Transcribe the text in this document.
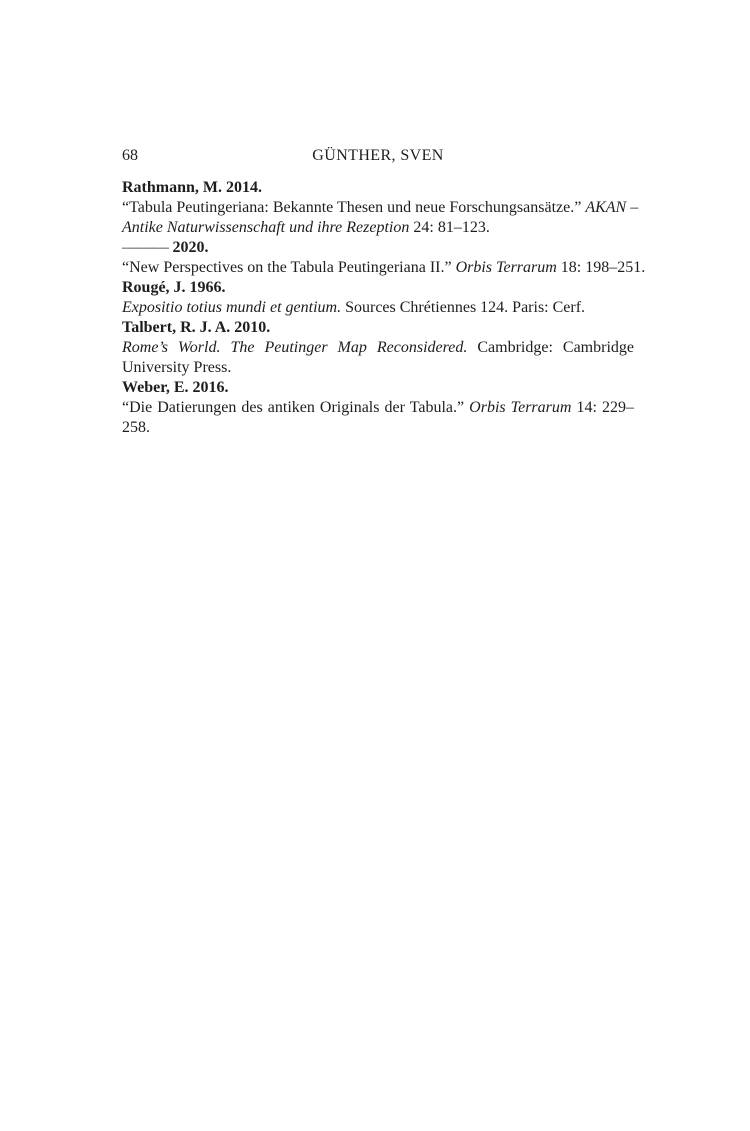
68	GÜNTHER, SVEN

Rathmann, M. 2014.

“Tabula Peutingeriana: Bekannte Thesen und neue Forschungsansätze.” AKAN –

Antike Naturwissenschaft und ihre Rezeption 24: 81–123.

——— 2020.

“New Perspectives on the Tabula Peutingeriana II.” Orbis Terrarum 18: 198–251.

Rougé, J. 1966.

Expositio totius mundi et gentium. Sources Chrétiennes 124. Paris: Cerf.

Talbert, R. J. A. 2010.

Rome’s World. The Peutinger Map Reconsidered. Cambridge: Cambridge

University Press.

Weber, E. 2016.

“Die Datierungen des antiken Originals der Tabula.” Orbis Terrarum 14: 229–

258.
